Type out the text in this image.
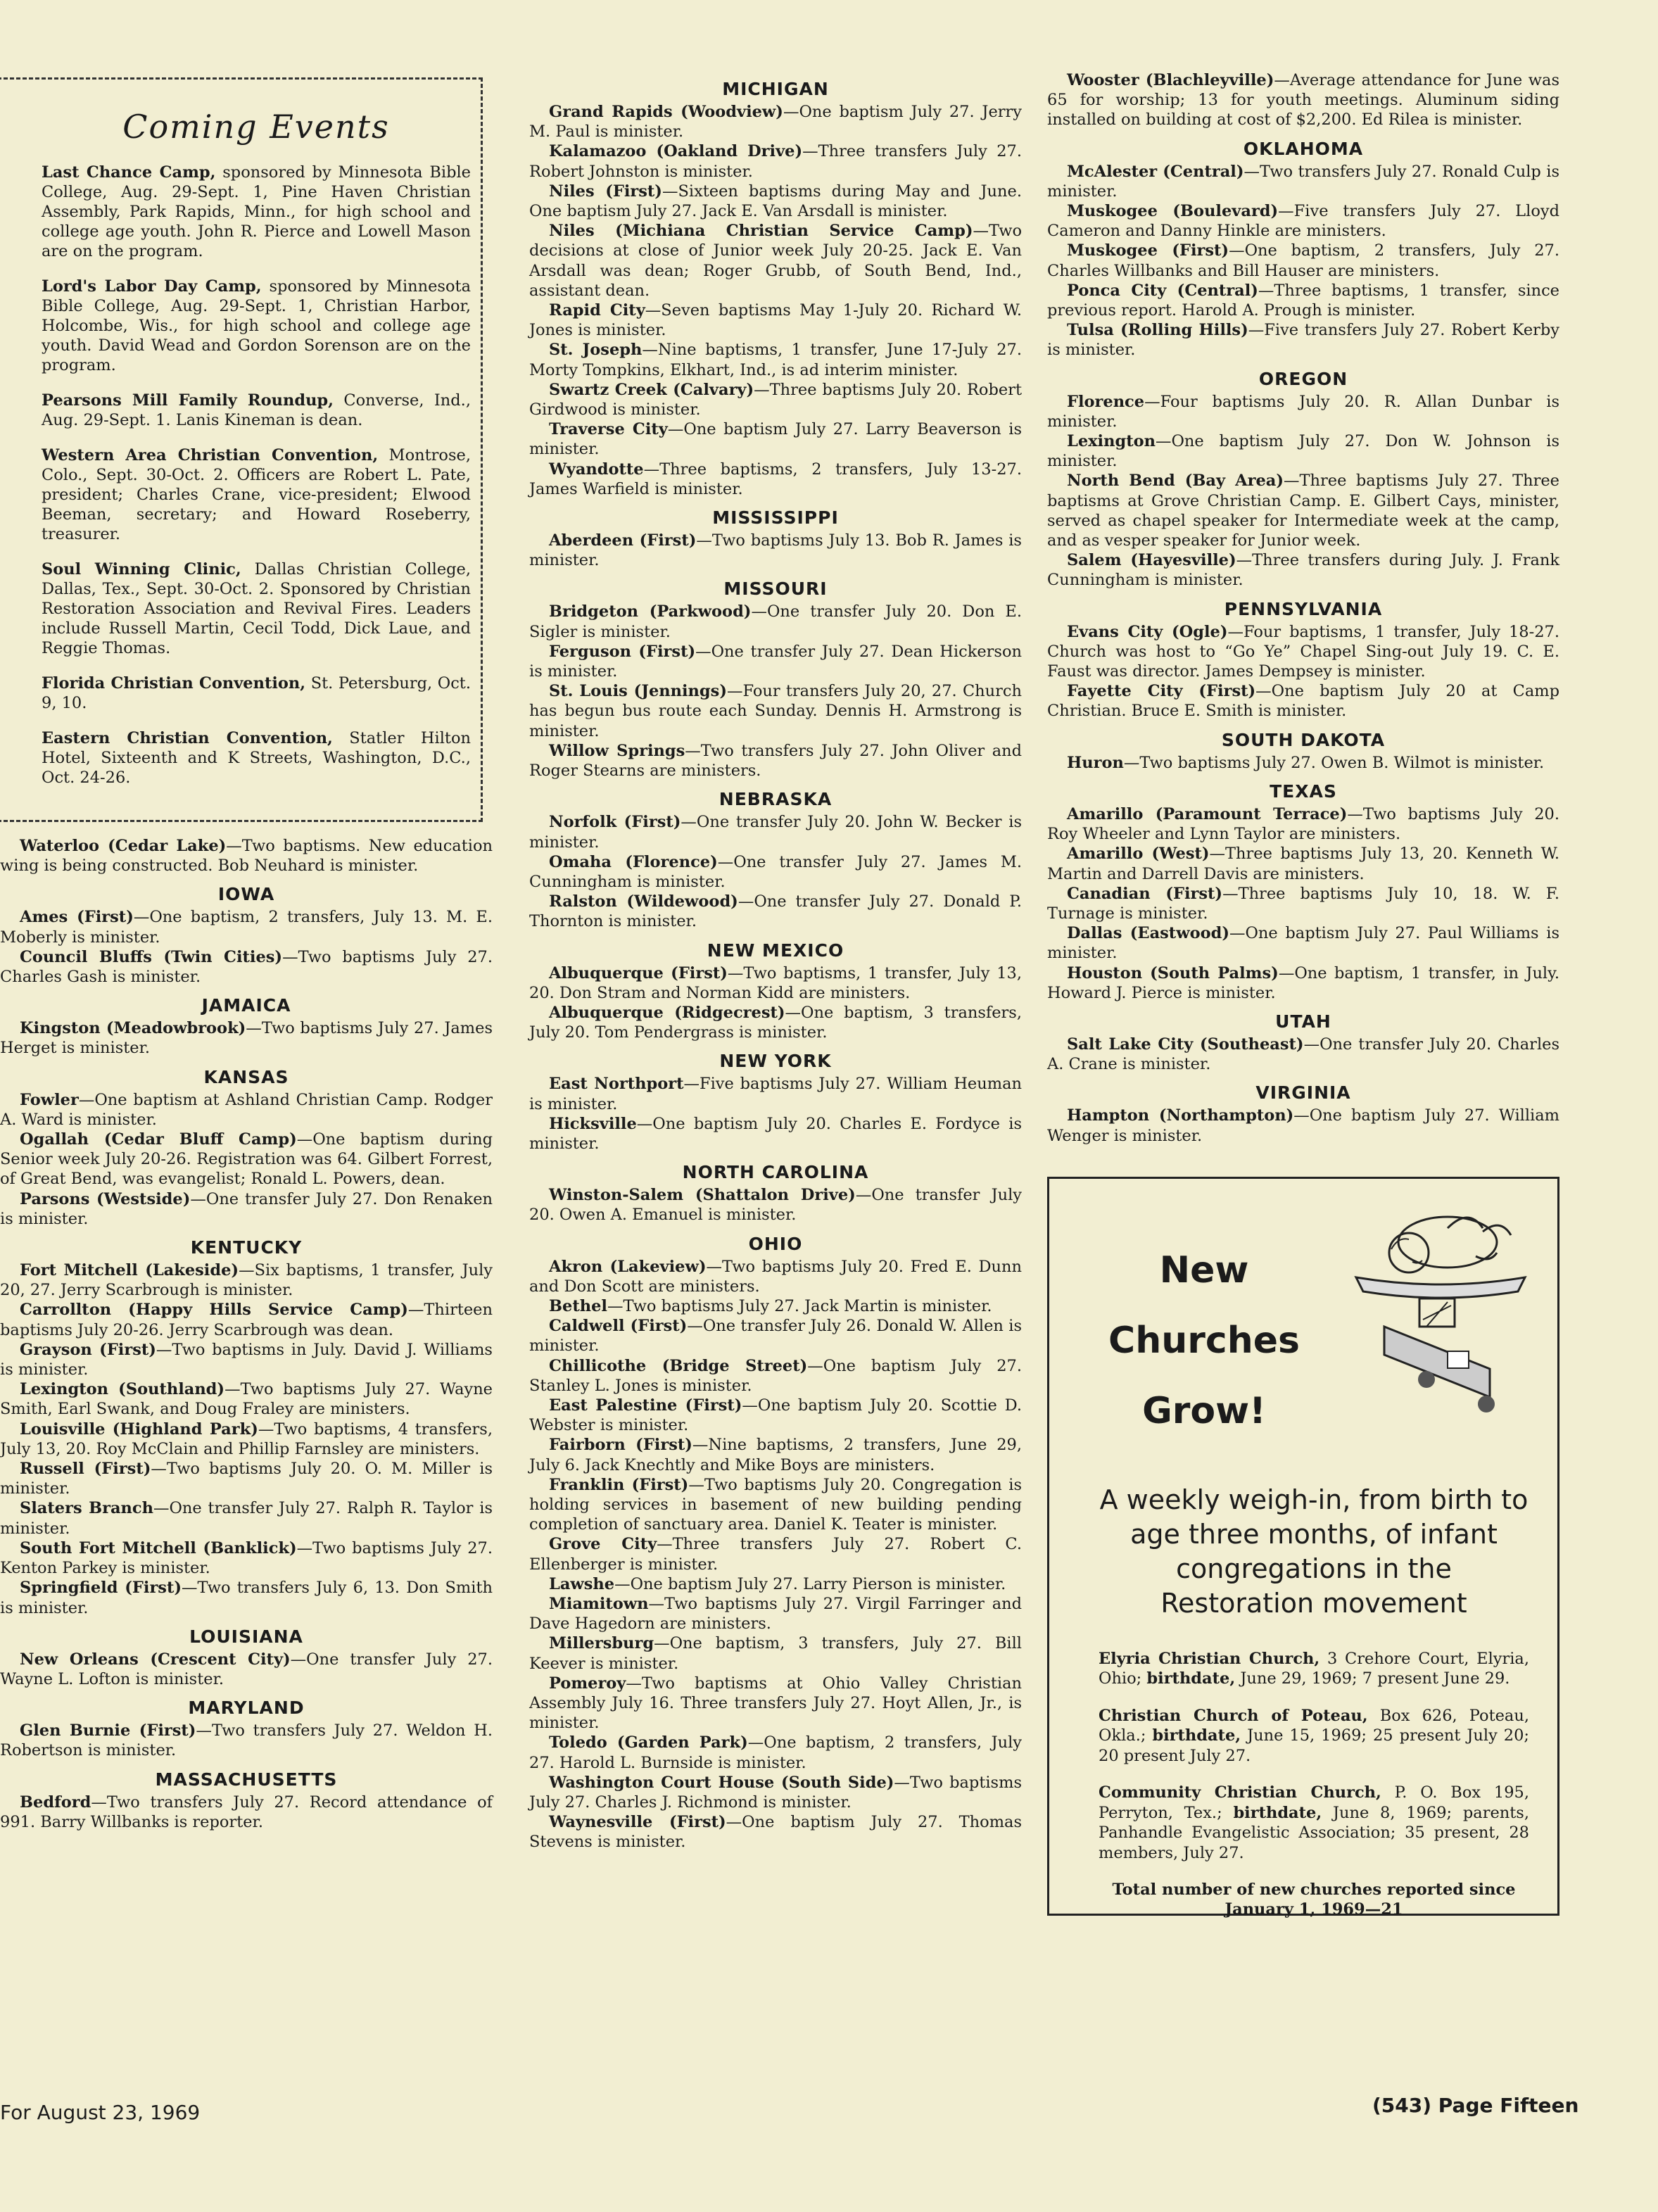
Coming Events

Last Chance Camp, sponsored by Minnesota Bible College, Aug. 29-Sept. 1, Pine Haven Christian Assembly, Park Rapids, Minn., for high school and college age youth. John R. Pierce and Lowell Mason are on the program.

Lord's Labor Day Camp, sponsored by Minnesota Bible College, Aug. 29-Sept. 1, Christian Harbor, Holcombe, Wis., for high school and college age youth. David Wead and Gordon Sorenson are on the program.

Pearsons Mill Family Roundup, Converse, Ind., Aug. 29-Sept. 1. Lanis Kineman is dean.

Western Area Christian Convention, Montrose, Colo., Sept. 30-Oct. 2. Officers are Robert L. Pate, president; Charles Crane, vice-president; Elwood Beeman, secretary; and Howard Roseberry, treasurer.

Soul Winning Clinic, Dallas Christian College, Dallas, Tex., Sept. 30-Oct. 2. Sponsored by Christian Restoration Association and Revival Fires. Leaders include Russell Martin, Cecil Todd, Dick Laue, and Reggie Thomas.

Florida Christian Convention, St. Petersburg, Oct. 9, 10.

Eastern Christian Convention, Statler Hilton Hotel, Sixteenth and K Streets, Washington, D.C., Oct. 24-26.

Waterloo (Cedar Lake)—Two baptisms. New education wing is being constructed. Bob Neuhard is minister.

IOWA

Ames (First)—One baptism, 2 transfers, July 13. M. E. Moberly is minister.

Council Bluffs (Twin Cities)—Two baptisms July 27. Charles Gash is minister.

JAMAICA

Kingston (Meadowbrook)—Two baptisms July 27. James Herget is minister.

KANSAS

Fowler—One baptism at Ashland Christian Camp. Rodger A. Ward is minister.

Ogallah (Cedar Bluff Camp)—One baptism during Senior week July 20-26. Registration was 64. Gilbert Forrest, of Great Bend, was evangelist; Ronald L. Powers, dean.

Parsons (Westside)—One transfer July 27. Don Renaken is minister.

KENTUCKY

Fort Mitchell (Lakeside)—Six baptisms, 1 transfer, July 20, 27. Jerry Scarbrough is minister.

Carrollton (Happy Hills Service Camp)—Thirteen baptisms July 20-26. Jerry Scarbrough was dean.

Grayson (First)—Two baptisms in July. David J. Williams is minister.

Lexington (Southland)—Two baptisms July 27. Wayne Smith, Earl Swank, and Doug Fraley are ministers.

Louisville (Highland Park)—Two baptisms, 4 transfers, July 13, 20. Roy McClain and Phillip Farnsley are ministers.

Russell (First)—Two baptisms July 20. O. M. Miller is minister.

Slaters Branch—One transfer July 27. Ralph R. Taylor is minister.

South Fort Mitchell (Banklick)—Two baptisms July 27. Kenton Parkey is minister.

Springfield (First)—Two transfers July 6, 13. Don Smith is minister.

LOUISIANA

New Orleans (Crescent City)—One transfer July 27. Wayne L. Lofton is minister.

MARYLAND

Glen Burnie (First)—Two transfers July 27. Weldon H. Robertson is minister.

MASSACHUSETTS

Bedford—Two transfers July 27. Record attendance of 991. Barry Willbanks is reporter.

MICHIGAN

Grand Rapids (Woodview)—One baptism July 27. Jerry M. Paul is minister.

Kalamazoo (Oakland Drive)—Three transfers July 27. Robert Johnston is minister.

Niles (First)—Sixteen baptisms during May and June. One baptism July 27. Jack E. Van Arsdall is minister.

Niles (Michiana Christian Service Camp)—Two decisions at close of Junior week July 20-25. Jack E. Van Arsdall was dean; Roger Grubb, of South Bend, Ind., assistant dean.

Rapid City—Seven baptisms May 1-July 20. Richard W. Jones is minister.

St. Joseph—Nine baptisms, 1 transfer, June 17-July 27. Morty Tompkins, Elkhart, Ind., is ad interim minister.

Swartz Creek (Calvary)—Three baptisms July 20. Robert Girdwood is minister.

Traverse City—One baptism July 27. Larry Beaverson is minister.

Wyandotte—Three baptisms, 2 transfers, July 13-27. James Warfield is minister.

MISSISSIPPI

Aberdeen (First)—Two baptisms July 13. Bob R. James is minister.

MISSOURI

Bridgeton (Parkwood)—One transfer July 20. Don E. Sigler is minister.

Ferguson (First)—One transfer July 27. Dean Hickerson is minister.

St. Louis (Jennings)—Four transfers July 20, 27. Church has begun bus route each Sunday. Dennis H. Armstrong is minister.

Willow Springs—Two transfers July 27. John Oliver and Roger Stearns are ministers.

NEBRASKA

Norfolk (First)—One transfer July 20. John W. Becker is minister.

Omaha (Florence)—One transfer July 27. James M. Cunningham is minister.

Ralston (Wildewood)—One transfer July 27. Donald P. Thornton is minister.

NEW MEXICO

Albuquerque (First)—Two baptisms, 1 transfer, July 13, 20. Don Stram and Norman Kidd are ministers.

Albuquerque (Ridgecrest)—One baptism, 3 transfers, July 20. Tom Pendergrass is minister.

NEW YORK

East Northport—Five baptisms July 27. William Heuman is minister.

Hicksville—One baptism July 20. Charles E. Fordyce is minister.

NORTH CAROLINA

Winston-Salem (Shattalon Drive)—One transfer July 20. Owen A. Emanuel is minister.

OHIO

Akron (Lakeview)—Two baptisms July 20. Fred E. Dunn and Don Scott are ministers.

Bethel—Two baptisms July 27. Jack Martin is minister.

Caldwell (First)—One transfer July 26. Donald W. Allen is minister.

Chillicothe (Bridge Street)—One baptism July 27. Stanley L. Jones is minister.

East Palestine (First)—One baptism July 20. Scottie D. Webster is minister.

Fairborn (First)—Nine baptisms, 2 transfers, June 29, July 6. Jack Knechtly and Mike Boys are ministers.

Franklin (First)—Two baptisms July 20. Congregation is holding services in basement of new building pending completion of sanctuary area. Daniel K. Teater is minister.

Grove City—Three transfers July 27. Robert C. Ellenberger is minister.

Lawshe—One baptism July 27. Larry Pierson is minister.

Miamitown—Two baptisms July 27. Virgil Farringer and Dave Hagedorn are ministers.

Millersburg—One baptism, 3 transfers, July 27. Bill Keever is minister.

Pomeroy—Two baptisms at Ohio Valley Christian Assembly July 16. Three transfers July 27. Hoyt Allen, Jr., is minister.

Toledo (Garden Park)—One baptism, 2 transfers, July 27. Harold L. Burnside is minister.

Washington Court House (South Side)—Two baptisms July 27. Charles J. Richmond is minister.

Waynesville (First)—One baptism July 27. Thomas Stevens is minister.

Wooster (Blachleyville)—Average attendance for June was 65 for worship; 13 for youth meetings. Aluminum siding installed on building at cost of $2,200. Ed Rilea is minister.

OKLAHOMA

McAlester (Central)—Two transfers July 27. Ronald Culp is minister.

Muskogee (Boulevard)—Five transfers July 27. Lloyd Cameron and Danny Hinkle are ministers.

Muskogee (First)—One baptism, 2 transfers, July 27. Charles Willbanks and Bill Hauser are ministers.

Ponca City (Central)—Three baptisms, 1 transfer, since previous report. Harold A. Prough is minister.

Tulsa (Rolling Hills)—Five transfers July 27. Robert Kerby is minister.

OREGON

Florence—Four baptisms July 20. R. Allan Dunbar is minister.

Lexington—One baptism July 27. Don W. Johnson is minister.

North Bend (Bay Area)—Three baptisms July 27. Three baptisms at Grove Christian Camp. E. Gilbert Cays, minister, served as chapel speaker for Intermediate week at the camp, and as vesper speaker for Junior week.

Salem (Hayesville)—Three transfers during July. J. Frank Cunningham is minister.

PENNSYLVANIA

Evans City (Ogle)—Four baptisms, 1 transfer, July 18-27. Church was host to “Go Ye” Chapel Sing-out July 19. C. E. Faust was director. James Dempsey is minister.

Fayette City (First)—One baptism July 20 at Camp Christian. Bruce E. Smith is minister.

SOUTH DAKOTA

Huron—Two baptisms July 27. Owen B. Wilmot is minister.

TEXAS

Amarillo (Paramount Terrace)—Two baptisms July 20. Roy Wheeler and Lynn Taylor are ministers.

Amarillo (West)—Three baptisms July 13, 20. Kenneth W. Martin and Darrell Davis are ministers.

Canadian (First)—Three baptisms July 10, 18. W. F. Turnage is minister.

Dallas (Eastwood)—One baptism July 27. Paul Williams is minister.

Houston (South Palms)—One baptism, 1 transfer, in July. Howard J. Pierce is minister.

UTAH

Salt Lake City (Southeast)—One transfer July 20. Charles A. Crane is minister.

VIRGINIA

Hampton (Northampton)—One baptism July 27. William Wenger is minister.

New
Churches
Grow!
A weekly weigh-in, from birth to age three months, of infant congregations in the Restoration movement

Elyria Christian Church, 3 Crehore Court, Elyria, Ohio; birthdate, June 29, 1969; 7 present June 29.

Christian Church of Poteau, Box 626, Poteau, Okla.; birthdate, June 15, 1969; 25 present July 20; 20 present July 27.

Community Christian Church, P. O. Box 195, Perryton, Tex.; birthdate, June 8, 1969; parents, Panhandle Evangelistic Association; 35 present, 28 members, July 27.

Total number of new churches reported since January 1, 1969—21
For August 23, 1969	(543) Page Fifteen
